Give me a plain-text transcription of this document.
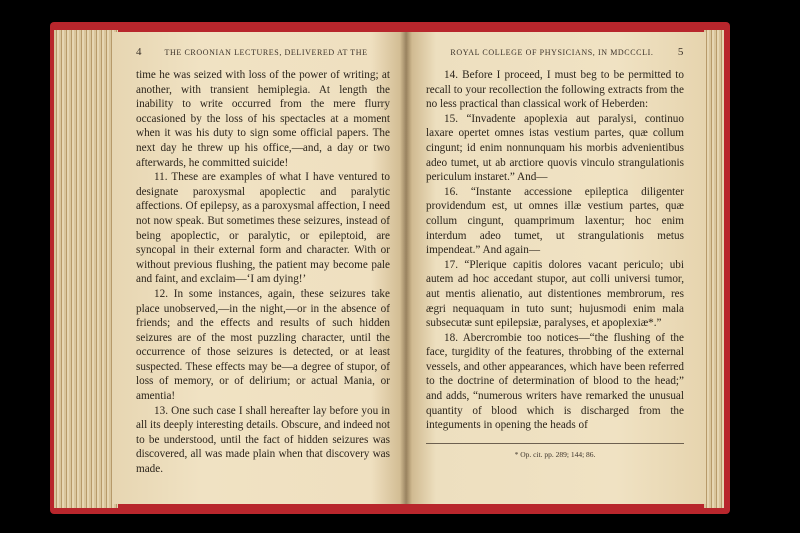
4	THE CROONIAN LECTURES, DELIVERED AT THE

time he was seized with loss of the power of writing; at another, with transient hemiplegia. At length the inability to write occurred from the mere flurry occasioned by the loss of his spectacles at a moment when it was his duty to sign some official papers. The next day he threw up his office,—and, a day or two afterwards, he committed suicide!

11. These are examples of what I have ventured to designate paroxysmal apoplectic and paralytic affections. Of epilepsy, as a paroxysmal affection, I need not now speak. But sometimes these seizures, instead of being apoplectic, or paralytic, or epileptoid, are syncopal in their external form and character. With or without previous flushing, the patient may become pale and faint, and exclaim—‘I am dying!’

12. In some instances, again, these seizures take place unobserved,—in the night,—or in the absence of friends; and the effects and results of such hidden seizures are of the most puzzling character, until the occurrence of those seizures is detected, or at least suspected. These effects may be—a degree of stupor, of loss of memory, or of delirium; or actual Mania, or amentia!

13. One such case I shall hereafter lay before you in all its deeply interesting details. Obscure, and indeed not to be understood, until the fact of hidden seizures was discovered, all was made plain when that discovery was made.

ROYAL COLLEGE OF PHYSICIANS, IN MDCCCLI. 5

14. Before I proceed, I must beg to be permitted to recall to your recollection the following extracts from the no less practical than classical work of Heberden:

15. “Invadente apoplexia aut paralysi, continuo laxare opertet omnes istas vestium partes, quæ collum cingunt; id enim nonnunquam his morbis advenientibus adeo tumet, ut ab arctiore quovis vinculo strangulationis periculum instaret.” And—

16. “Instante accessione epileptica diligenter providendum est, ut omnes illæ vestium partes, quæ collum cingunt, quamprimum laxentur; hoc enim interdum adeo tumet, ut strangulationis metus impendeat.” And again—

17. “Plerique capitis dolores vacant periculo; ubi autem ad hoc accedant stupor, aut colli universi tumor, aut mentis alienatio, aut distentiones membrorum, res ægri nequaquam in tuto sunt; hujusmodi enim mala subsecutæ sunt epilepsiæ, paralyses, et apoplexiæ*.”

18. Abercrombie too notices—“the flushing of the face, turgidity of the features, throbbing of the external vessels, and other appearances, which have been referred to the doctrine of determination of blood to the head;” and adds, “numerous writers have remarked the unusual quantity of blood which is discharged from the integuments in opening the heads of

* Op. cit. pp. 289; 144; 86.
